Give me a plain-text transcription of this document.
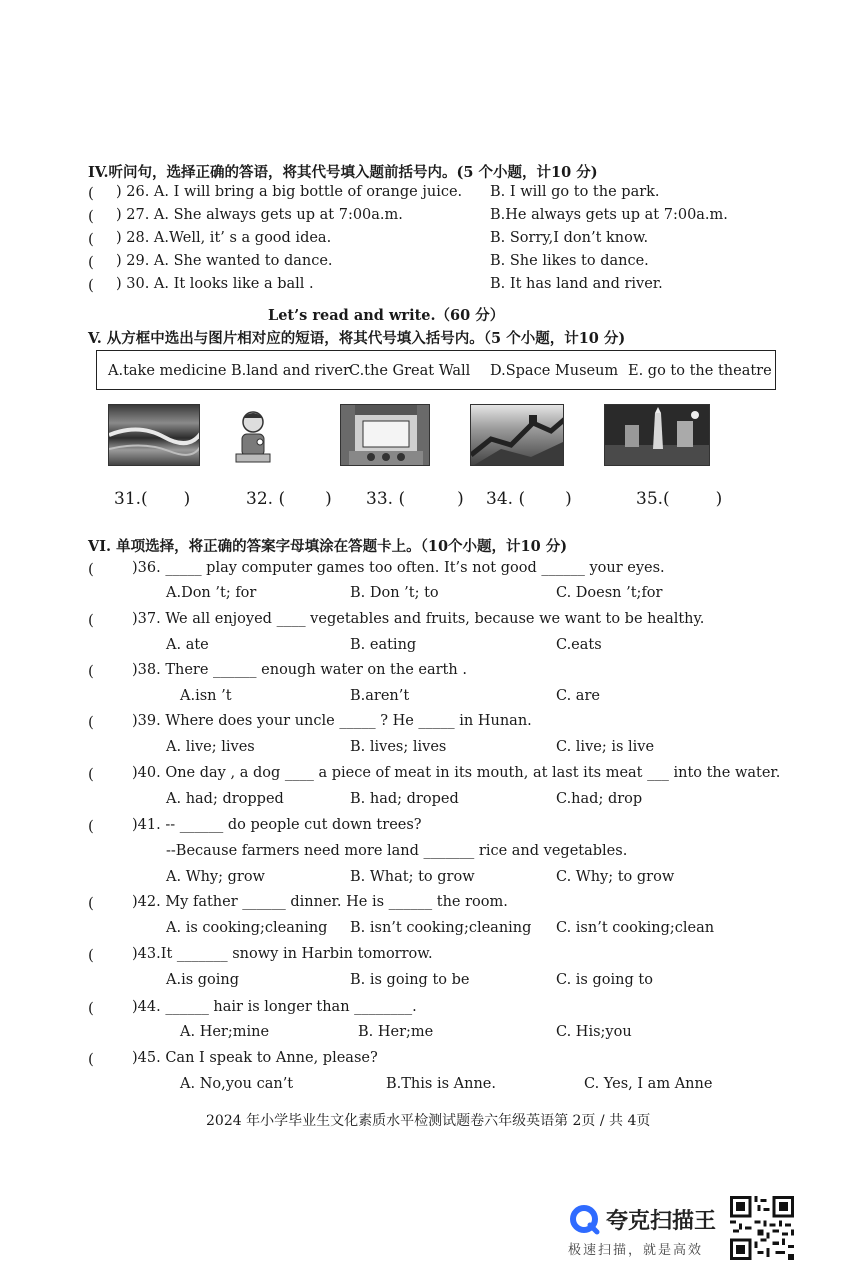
IV.听问句，选择正确的答语，将其代号填入题前括号内。(5 个小题，计10 分)
( ) 26. A. I will bring a big bottle of orange juice. B. I will go to the park.
( ) 27. A. She always gets up at 7:00a.m.	B.He always gets up at 7:00a.m.
( ) 28. A.Well, it’ s a good idea.	B. Sorry,I don’t know.
( ) 29. A. She wanted to dance.	B. She likes to dance.
( ) 30. A. It looks like a ball .	B. It has land and river.
Let’s read and write.（60 分）
V. 从方框中选出与图片相对应的短语，将其代号填入括号内。（5 个小题，计10 分)
A.take medicine B.land and river C.the Great Wall D.Space Museum E. go to the theatre
31.( )	32. ( ) 33. (	) 34. ( )	35.(	)
VI. 单项选择，将正确的答案字母填涂在答题卡上。（10个小题，计10 分)
(	)36. _____ play computer games too often. It’s not good ______ your eyes.
A.Don ’t; for	B. Don ’t; to	C. Doesn ’t;for
(	)37. We all enjoyed ____ vegetables and fruits, because we want to be healthy.
A. ate	B. eating	C.eats
(	)38. There ______ enough water on the earth .
A.isn ’t	B.aren’t	C. are
(	)39. Where does your uncle _____ ? He _____ in Hunan.
A. live; lives	B. lives; lives	C. live; is live
(	)40. One day , a dog ____ a piece of meat in its mouth, at last its meat ___ into the water.
A. had; dropped	B. had; droped	C.had; drop
(	)41. -- ______ do people cut down trees?
--Because farmers need more land _______ rice and vegetables.
A. Why; grow	B. What; to grow	C. Why; to grow
(	)42. My father ______ dinner. He is ______ the room.
A. is cooking;cleaning B. isn’t cooking;cleaning C. isn’t cooking;clean
(	)43.It _______ snowy in Harbin tomorrow.
A.is going	B. is going to be	C. is going to
(	)44. ______ hair is longer than ________.
A. Her;mine	B. Her;me	C. His;you
(	)45. Can I speak to Anne, please?
A. No,you can’t	B.This is Anne.	C. Yes, I am Anne
2024 年小学毕业生文化素质水平检测试题卷六年级英语第 2页 / 共 4页
夸克扫描王
极速扫描，就是高效
